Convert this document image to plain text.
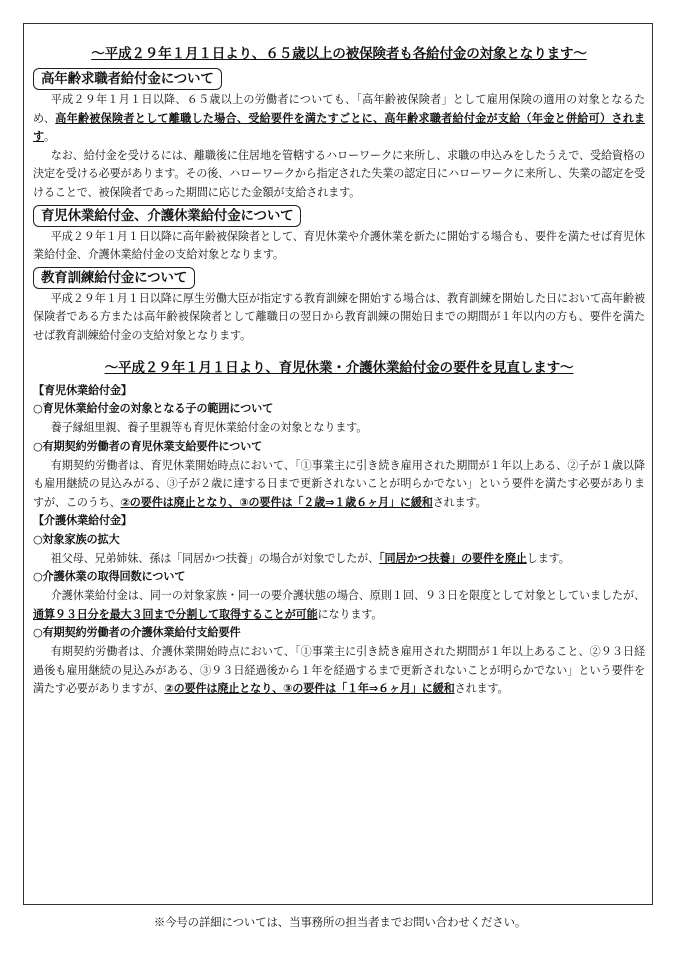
～平成２９年１月１日より、６５歳以上の被保険者も各給付金の対象となります～
高年齢求職者給付金について

平成２９年１月１日以降、６５歳以上の労働者についても、「高年齢被保険者」として雇用保険の適用の対象となるため、高年齢被保険者として離職した場合、受給要件を満たすごとに、高年齢求職者給付金が支給（年金と併給可）されます。

なお、給付金を受けるには、離職後に住居地を管轄するハローワークに来所し、求職の申込みをしたうえで、受給資格の決定を受ける必要があります。その後、ハローワークから指定された失業の認定日にハローワークに来所し、失業の認定を受けることで、被保険者であった期間に応じた金額が支給されます。

育児休業給付金、介護休業給付金について

平成２９年１月１日以降に高年齢被保険者として、育児休業や介護休業を新たに開始する場合も、要件を満たせば育児休業給付金、介護休業給付金の支給対象となります。

教育訓練給付金について

平成２９年１月１日以降に厚生労働大臣が指定する教育訓練を開始する場合は、教育訓練を開始した日において高年齢被保険者である方または高年齢被保険者として離職日の翌日から教育訓練の開始日までの期間が１年以内の方も、要件を満たせば教育訓練給付金の支給対象となります。

～平成２９年１月１日より、育児休業・介護休業給付金の要件を見直します～
【育児休業給付金】
○育児休業給付金の対象となる子の範囲について

養子縁組里親、養子里親等も育児休業給付金の対象となります。

○有期契約労働者の育児休業支給要件について

有期契約労働者は、育児休業開始時点において、「①事業主に引き続き雇用された期間が１年以上ある、②子が１歳以降も雇用継続の見込みがる、③子が２歳に達する日まで更新されないことが明らかでない」という要件を満たす必要がありますが、このうち、②の要件は廃止となり、③の要件は「２歳⇒１歳６ヶ月」に緩和されます。

【介護休業給付金】
○対象家族の拡大

祖父母、兄弟姉妹、孫は「同居かつ扶養」の場合が対象でしたが、「同居かつ扶養」の要件を廃止します。

○介護休業の取得回数について

介護休業給付金は、同一の対象家族・同一の要介護状態の場合、原則１回、９３日を限度として対象としていましたが、通算９３日分を最大３回まで分割して取得することが可能になります。

○有期契約労働者の介護休業給付支給要件

有期契約労働者は、介護休業開始時点において、「①事業主に引き続き雇用された期間が１年以上あること、②９３日経過後も雇用継続の見込みがある、③９３日経過後から１年を経過するまで更新されないことが明らかでない」という要件を満たす必要がありますが、②の要件は廃止となり、③の要件は「１年⇒６ヶ月」に緩和されます。

※今号の詳細については、当事務所の担当者までお問い合わせください。
